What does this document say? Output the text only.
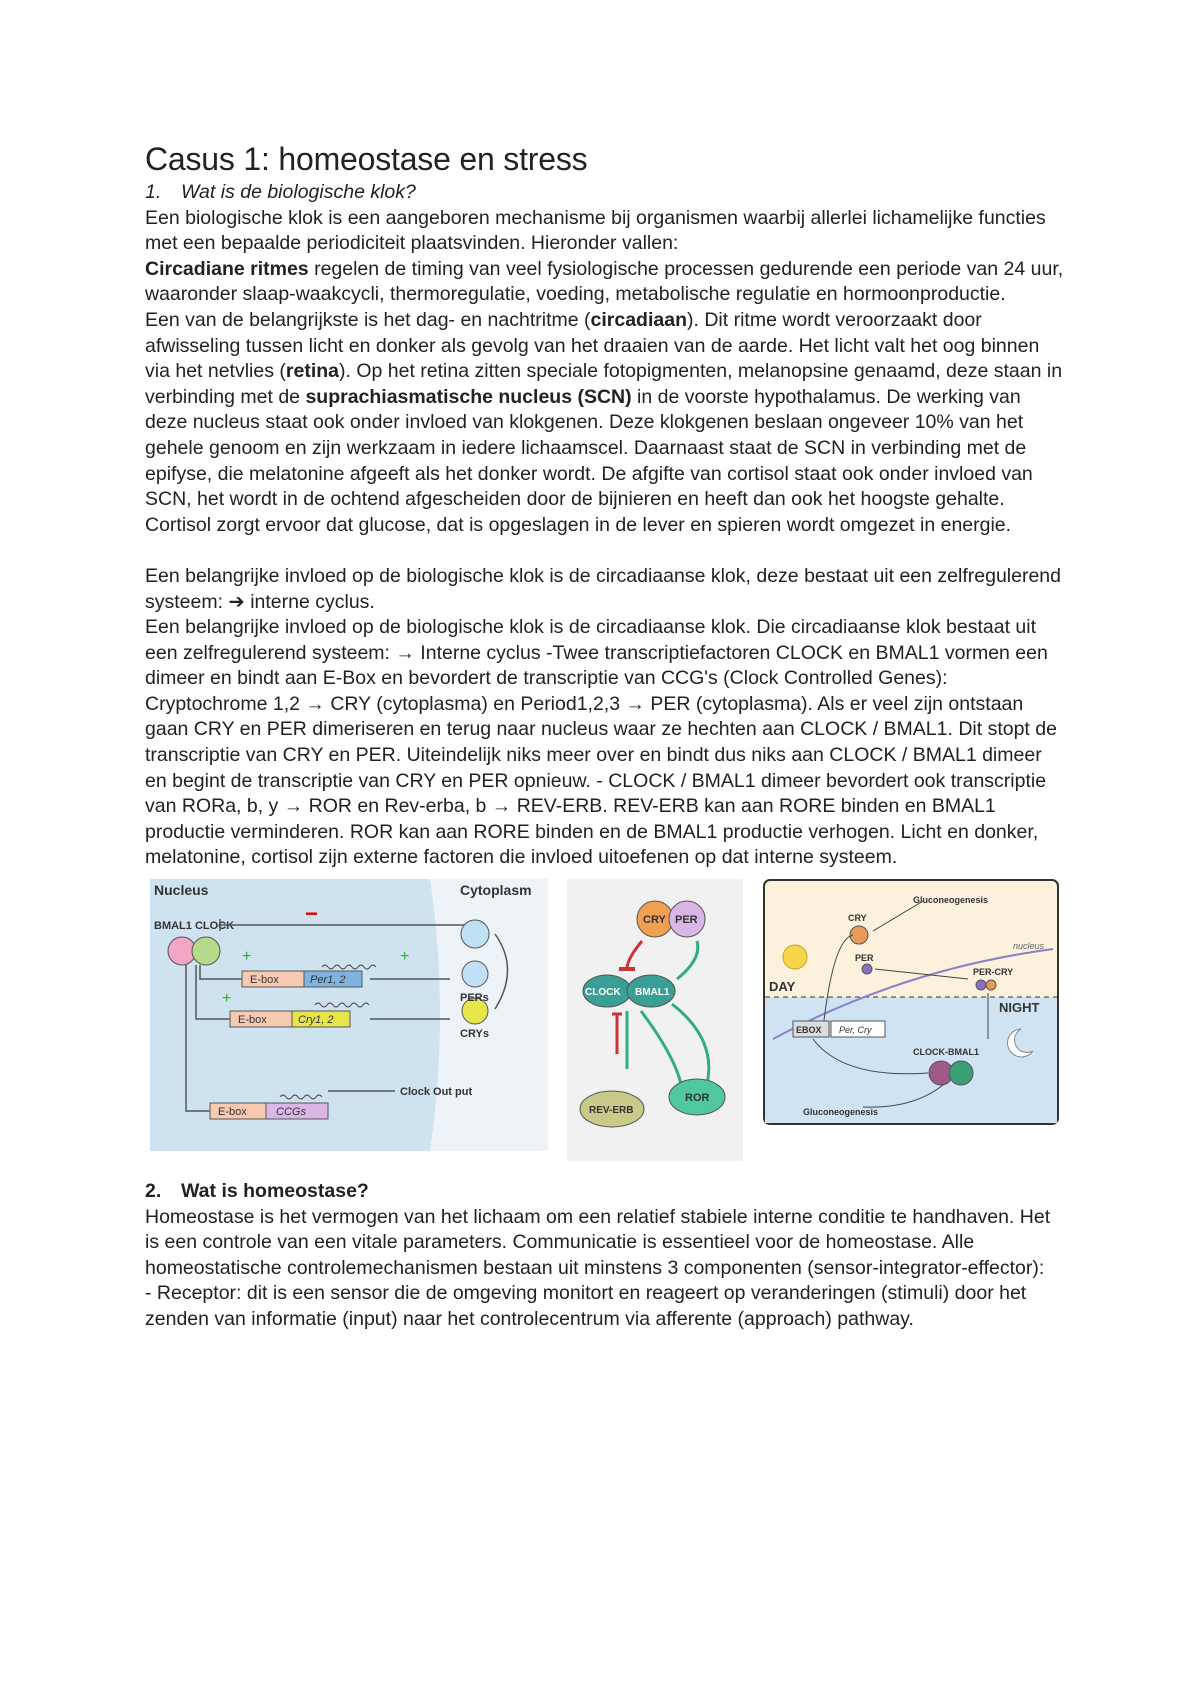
Casus 1: homeostase en stress
1. Wat is de biologische klok?

Een biologische klok is een aangeboren mechanisme bij organismen waarbij allerlei lichamelijke functies met een bepaalde periodiciteit plaatsvinden. Hieronder vallen:
Circadiane ritmes regelen de timing van veel fysiologische processen gedurende een periode van 24 uur, waaronder slaap-waakcycli, thermoregulatie, voeding, metabolische regulatie en hormoonproductie.

Een van de belangrijkste is het dag- en nachtritme (circadiaan). Dit ritme wordt veroorzaakt door afwisseling tussen licht en donker als gevolg van het draaien van de aarde. Het licht valt het oog binnen via het netvlies (retina). Op het retina zitten speciale fotopigmenten, melanopsine genaamd, deze staan in verbinding met de suprachiasmatische nucleus (SCN) in de voorste hypothalamus. De werking van deze nucleus staat ook onder invloed van klokgenen. Deze klokgenen beslaan ongeveer 10% van het gehele genoom en zijn werkzaam in iedere lichaamscel. Daarnaast staat de SCN in verbinding met de epifyse, die melatonine afgeeft als het donker wordt. De afgifte van cortisol staat ook onder invloed van SCN, het wordt in de ochtend afgescheiden door de bijnieren en heeft dan ook het hoogste gehalte. Cortisol zorgt ervoor dat glucose, dat is opgeslagen in de lever en spieren wordt omgezet in energie.

Een belangrijke invloed op de biologische klok is de circadiaanse klok, deze bestaat uit een zelfregulerend systeem: ➔ interne cyclus.

Een belangrijke invloed op de biologische klok is de circadiaanse klok. Die circadiaanse klok bestaat uit een zelfregulerend systeem: → Interne cyclus -Twee transcriptiefactoren CLOCK en BMAL1 vormen een dimeer en bindt aan E-Box en bevordert de transcriptie van CCG's (Clock Controlled Genes): Cryptochrome 1,2 → CRY (cytoplasma) en Period1,2,3 → PER (cytoplasma). Als er veel zijn ontstaan gaan CRY en PER dimeriseren en terug naar nucleus waar ze hechten aan CLOCK / BMAL1. Dit stopt de transcriptie van CRY en PER. Uiteindelijk niks meer over en bindt dus niks aan CLOCK / BMAL1 dimeer en begint de transcriptie van CRY en PER opnieuw. - CLOCK / BMAL1 dimeer bevordert ook transcriptie van RORa, b, y → ROR en Rev-erba, b → REV-ERB. REV-ERB kan aan RORE binden en BMAL1 productie verminderen. ROR kan aan RORE binden en de BMAL1 productie verhogen. Licht en donker, melatonine, cortisol zijn externe factoren die invloed uitoefenen op dat interne systeem.

Nucleus	Cytoplasm
BMAL1 CLOCK	−
+
+
+
E-box	Per1, 2
E-box	Cry1, 2
PERs
CRYs
E-box	CCGs
Clock Out put
CRY PER
CLOCK BMAL1
REV-ERB
ROR
nucleus
DAY
NIGHT
Gluconeogenesis
CRY
PER
PER-CRY
EBOX Per, Cry
CLOCK-BMAL1
Gluconeogenesis
2. Wat is homeostase?

Homeostase is het vermogen van het lichaam om een relatief stabiele interne conditie te handhaven. Het is een controle van een vitale parameters. Communicatie is essentieel voor de homeostase. Alle homeostatische controlemechanismen bestaan uit minstens 3 componenten (sensor-integrator-effector):

- Receptor: dit is een sensor die de omgeving monitort en reageert op veranderingen (stimuli) door het zenden van informatie (input) naar het controlecentrum via afferente (approach) pathway.
